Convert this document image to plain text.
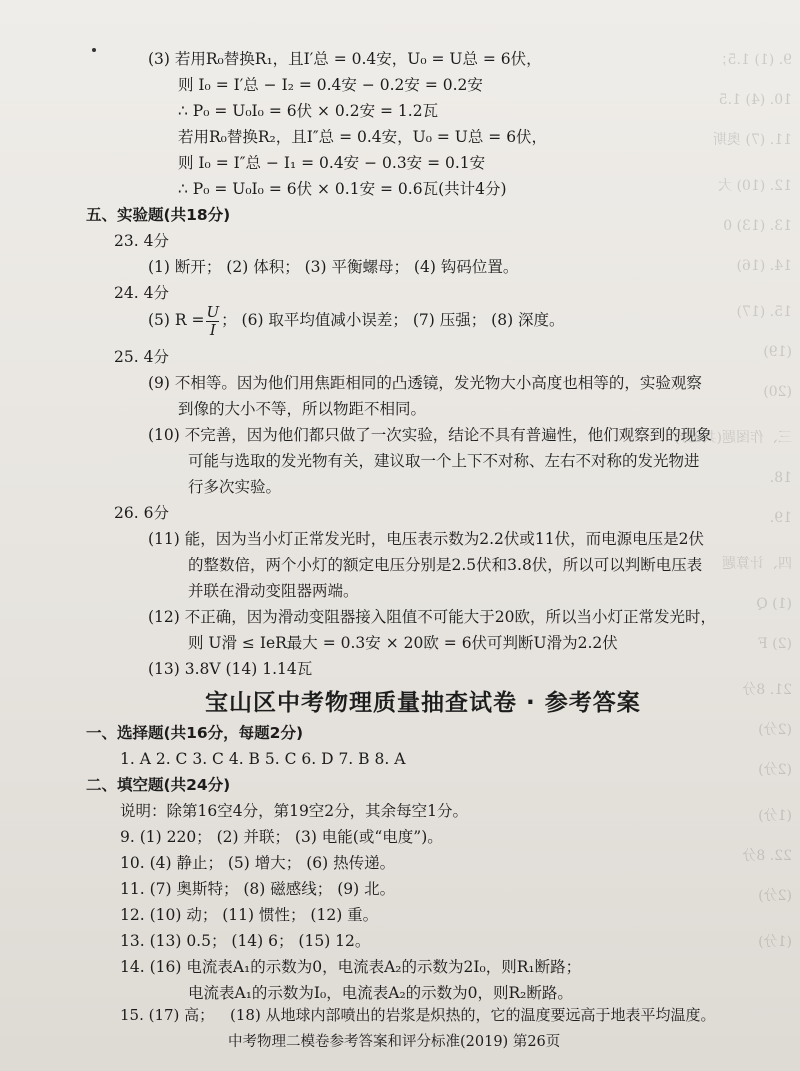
9. (1) 1.5；
10. (4) 1.5
11. (7) 奥斯
12. (10) 大
13. (13) 0
14. (16)
15. (17)
(19)
(20)
三、作图题(共8分)
18.
19.
四、计算题
(1) Q
(2) F
21. 8分
(2分)
(2分)
(1分)
22. 8分
(2分)
(1分)
(3) 若用R₀替换R₁，且I′总 = 0.4安，U₀ = U总 = 6伏，
则 I₀ = I′总 − I₂ = 0.4安 − 0.2安 = 0.2安
∴ P₀ = U₀I₀ = 6伏 × 0.2安 = 1.2瓦
若用R₀替换R₂，且I″总 = 0.4安，U₀ = U总 = 6伏，
则 I₀ = I″总 − I₁ = 0.4安 − 0.3安 = 0.1安
∴ P₀ = U₀I₀ = 6伏 × 0.1安 = 0.6瓦(共计4分)
五、实验题(共18分)
23. 4分
(1) 断开； (2) 体积； (3) 平衡螺母； (4) 钩码位置。
24. 4分
(5) $R = \frac{U}{I}$ ； (6) 取平均值减小误差； (7) 压强； (8) 深度。
25. 4分
(9) 不相等。因为他们用焦距相同的凸透镜，发光物大小高度也相等的，实验观察
到像的大小不等，所以物距不相同。
(10) 不完善，因为他们都只做了一次实验，结论不具有普遍性，他们观察到的现象
可能与选取的发光物有关，建议取一个上下不对称、左右不对称的发光物进
行多次实验。
26. 6分
(11) 能，因为当小灯正常发光时，电压表示数为2.2伏或11伏，而电源电压是2伏
的整数倍，两个小灯的额定电压分别是2.5伏和3.8伏，所以可以判断电压表
并联在滑动变阻器两端。
(12) 不正确，因为滑动变阻器接入阻值不可能大于20欧，所以当小灯正常发光时，
则 U滑 ≤ IeR最大 = 0.3安 × 20欧 = 6伏可判断U滑为2.2伏
宝山区中考物理质量抽查试卷 · 参考答案
(13) 3.8V (14) 1.14瓦
一、选择题(共16分，每题2分)
1. A 2. C 3. C 4. B 5. C 6. D 7. B 8. A
二、填空题(共24分)
说明：除第16空4分，第19空2分，其余每空1分。
9. (1) 220； (2) 并联； (3) 电能(或“电度”)。
10. (4) 静止； (5) 增大； (6) 热传递。
11. (7) 奥斯特； (8) 磁感线； (9) 北。
12. (10) 动； (11) 惯性； (12) 重。
13. (13) 0.5； (14) 6； (15) 12。
14. (16) 电流表A₁的示数为0，电流表A₂的示数为2I₀，则R₁断路；
电流表A₁的示数为I₀，电流表A₂的示数为0，则R₂断路。
15. (17) 高；
中考物理二模卷参考答案和评分标准(2019) 第26页
(18) 从地球内部喷出的岩浆是炽热的，它的温度要远高于地表平均温度。
